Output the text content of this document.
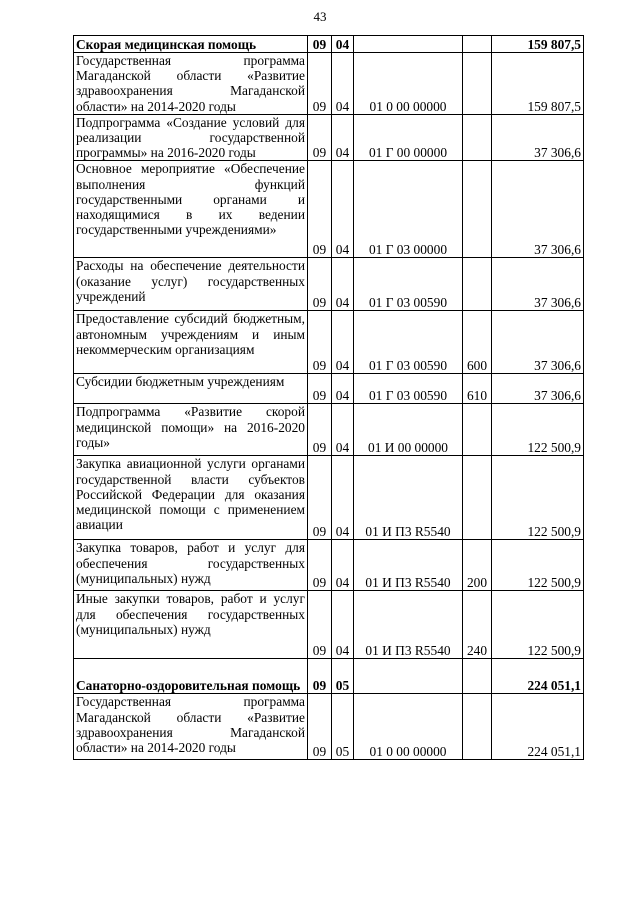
43
Скорая медицинская помощь	09	04			159 807,5
Государственная программа Магаданской области «Развитие здравоохранения Магаданской области» на 2014-2020 годы	09	04	01 0 00 00000		159 807,5
Подпрограмма «Создание условий для реализации государственной программы» на 2016-2020 годы	09	04	01 Г 00 00000		37 306,6
Основное мероприятие «Обеспечение выполнения функций государственными органами и находящимися в их ведении государственными учреждениями»	09	04	01 Г 03 00000		37 306,6
Расходы на обеспечение деятельности (оказание услуг) государственных учреждений	09	04	01 Г 03 00590		37 306,6
Предоставление субсидий бюджетным, автономным учреждениям и иным некоммерческим организациям	09	04	01 Г 03 00590	600	37 306,6
Субсидии бюджетным учреждениям	09	04	01 Г 03 00590	610	37 306,6
Подпрограмма «Развитие скорой медицинской помощи» на 2016-2020 годы»	09	04	01 И 00 00000		122 500,9
Закупка авиационной услуги органами государственной власти субъектов Российской Федерации для оказания медицинской помощи с применением авиации	09	04	01 И П3 R5540		122 500,9
Закупка товаров, работ и услуг для обеспечения государственных (муниципальных) нужд	09	04	01 И П3 R5540	200	122 500,9
Иные закупки товаров, работ и услуг для обеспечения государственных (муниципальных) нужд	09	04	01 И П3 R5540	240	122 500,9
Санаторно-оздоровительная помощь	09	05			224 051,1
Государственная программа Магаданской области «Развитие здравоохранения Магаданской области» на 2014-2020 годы	09	05	01 0 00 00000		224 051,1
